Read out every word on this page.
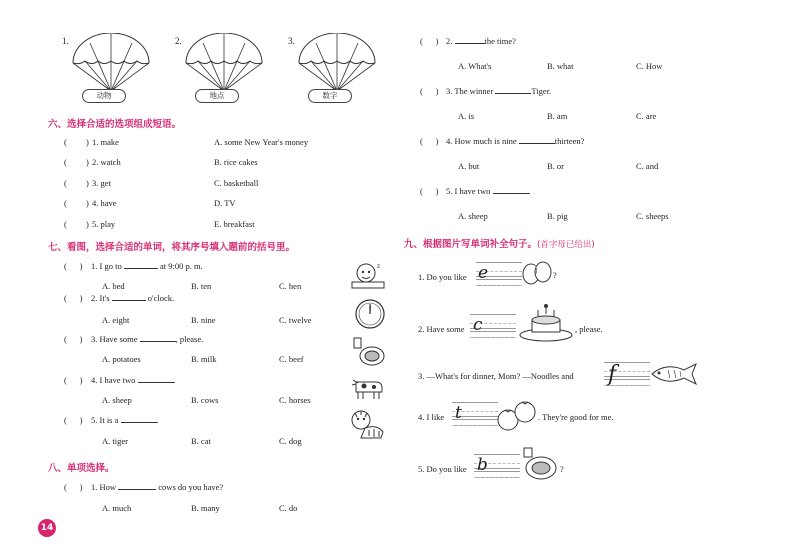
1.
动物
2.
地点
3.
数字
六、选择合适的选项组成短语。
( ) 1. make	A. some New Year's money
( ) 2. watch	B. rice cakes
( ) 3. get	C. basketball
( ) 4. have	D. TV
( ) 5. play	E. breakfast
七、看图，选择合适的单词，将其序号填入题前的括号里。
(      ) 1. I go to	at 9:00 p. m.
A. bed	B. ten	C. hen
(      ) 2. It's	o'clock.
A. eight	B. nine	C. twelve
(      ) 3. Have some	, please.
A. potatoes	B. milk	C. beef
(      ) 4. I have two	.
A. sheep	B. cows	C. horses
(      ) 5. It is a	.
A. tiger	B. cat	C. dog
z
八、单项选择。
(      ) 1. How	cows do you have?
A. much	B. many	C. do
(      ) 2.	the time?
A. What's	B. what	C. How
(      ) 3. The winner	Tiger.
A. is	B. am	C. are
(      ) 4. How much is nine	thirteen?
A. but	B. or	C. and
(      ) 5. I have two	.
A. sheep	B. pig	C. sheeps
九、根据图片写单词补全句子。(首字母已给出)
1. Do you like e	?
2. Have some c	, please.
3. —What's for dinner, Mom? —Noodles and f
4. I like t	. They're good for me.
5. Do you like b	?
14
